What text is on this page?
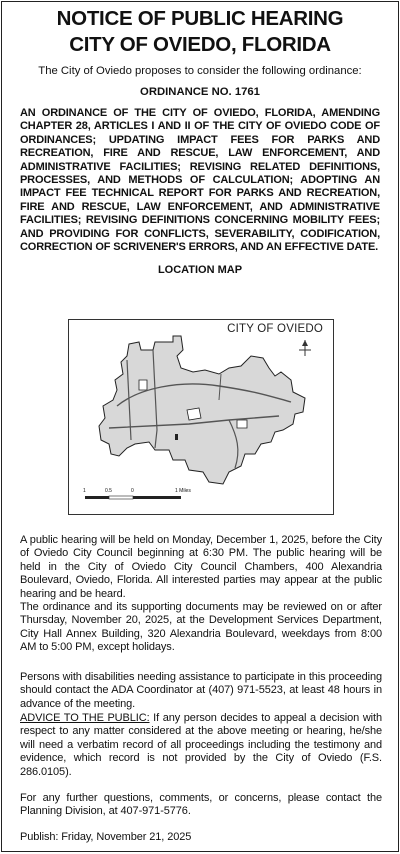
NOTICE OF PUBLIC HEARING
CITY OF OVIEDO, FLORIDA
The City of Oviedo proposes to consider the following ordinance:
ORDINANCE NO. 1761
AN ORDINANCE OF THE CITY OF OVIEDO, FLORIDA, AMENDING CHAPTER 28, ARTICLES I AND II OF THE CITY OF OVIEDO CODE OF ORDINANCES; UPDATING IMPACT FEES FOR PARKS AND RECREATION, FIRE AND RESCUE, LAW ENFORCEMENT, AND ADMINISTRATIVE FACILITIES; REVISING RELATED DEFINITIONS, PROCESSES, AND METHODS OF CALCULATION; ADOPTING AN IMPACT FEE TECHNICAL REPORT FOR PARKS AND RECREATION, FIRE AND RESCUE, LAW ENFORCEMENT, AND ADMINISTRATIVE FACILITIES; REVISING DEFINITIONS CONCERNING MOBILITY FEES; AND PROVIDING FOR CONFLICTS, SEVERABILITY, CODIFICATION, CORRECTION OF SCRIVENER'S ERRORS, AND AN EFFECTIVE DATE.
LOCATION MAP
CITY OF OVIEDO
1	0.5	0	1 Miles
A public hearing will be held on Monday, December 1, 2025, before the City of Oviedo City Council beginning at 6:30 PM. The public hearing will be held in the City of Oviedo City Council Chambers, 400 Alexandria Boulevard, Oviedo, Florida. All interested parties may appear at the public hearing and be heard.
The ordinance and its supporting documents may be reviewed on or after Thursday, November 20, 2025, at the Development Services Department, City Hall Annex Building, 320 Alexandria Boulevard, weekdays from 8:00 AM to 5:00 PM, except holidays.
Persons with disabilities needing assistance to participate in this proceeding should contact the ADA Coordinator at (407) 971-5523, at least 48 hours in advance of the meeting.
ADVICE TO THE PUBLIC: If any person decides to appeal a decision with respect to any matter considered at the above meeting or hearing, he/she will need a verbatim record of all proceedings including the testimony and evidence, which record is not provided by the City of Oviedo (F.S. 286.0105).
For any further questions, comments, or concerns, please contact the Planning Division, at 407-971-5776.
Publish: Friday, November 21, 2025
